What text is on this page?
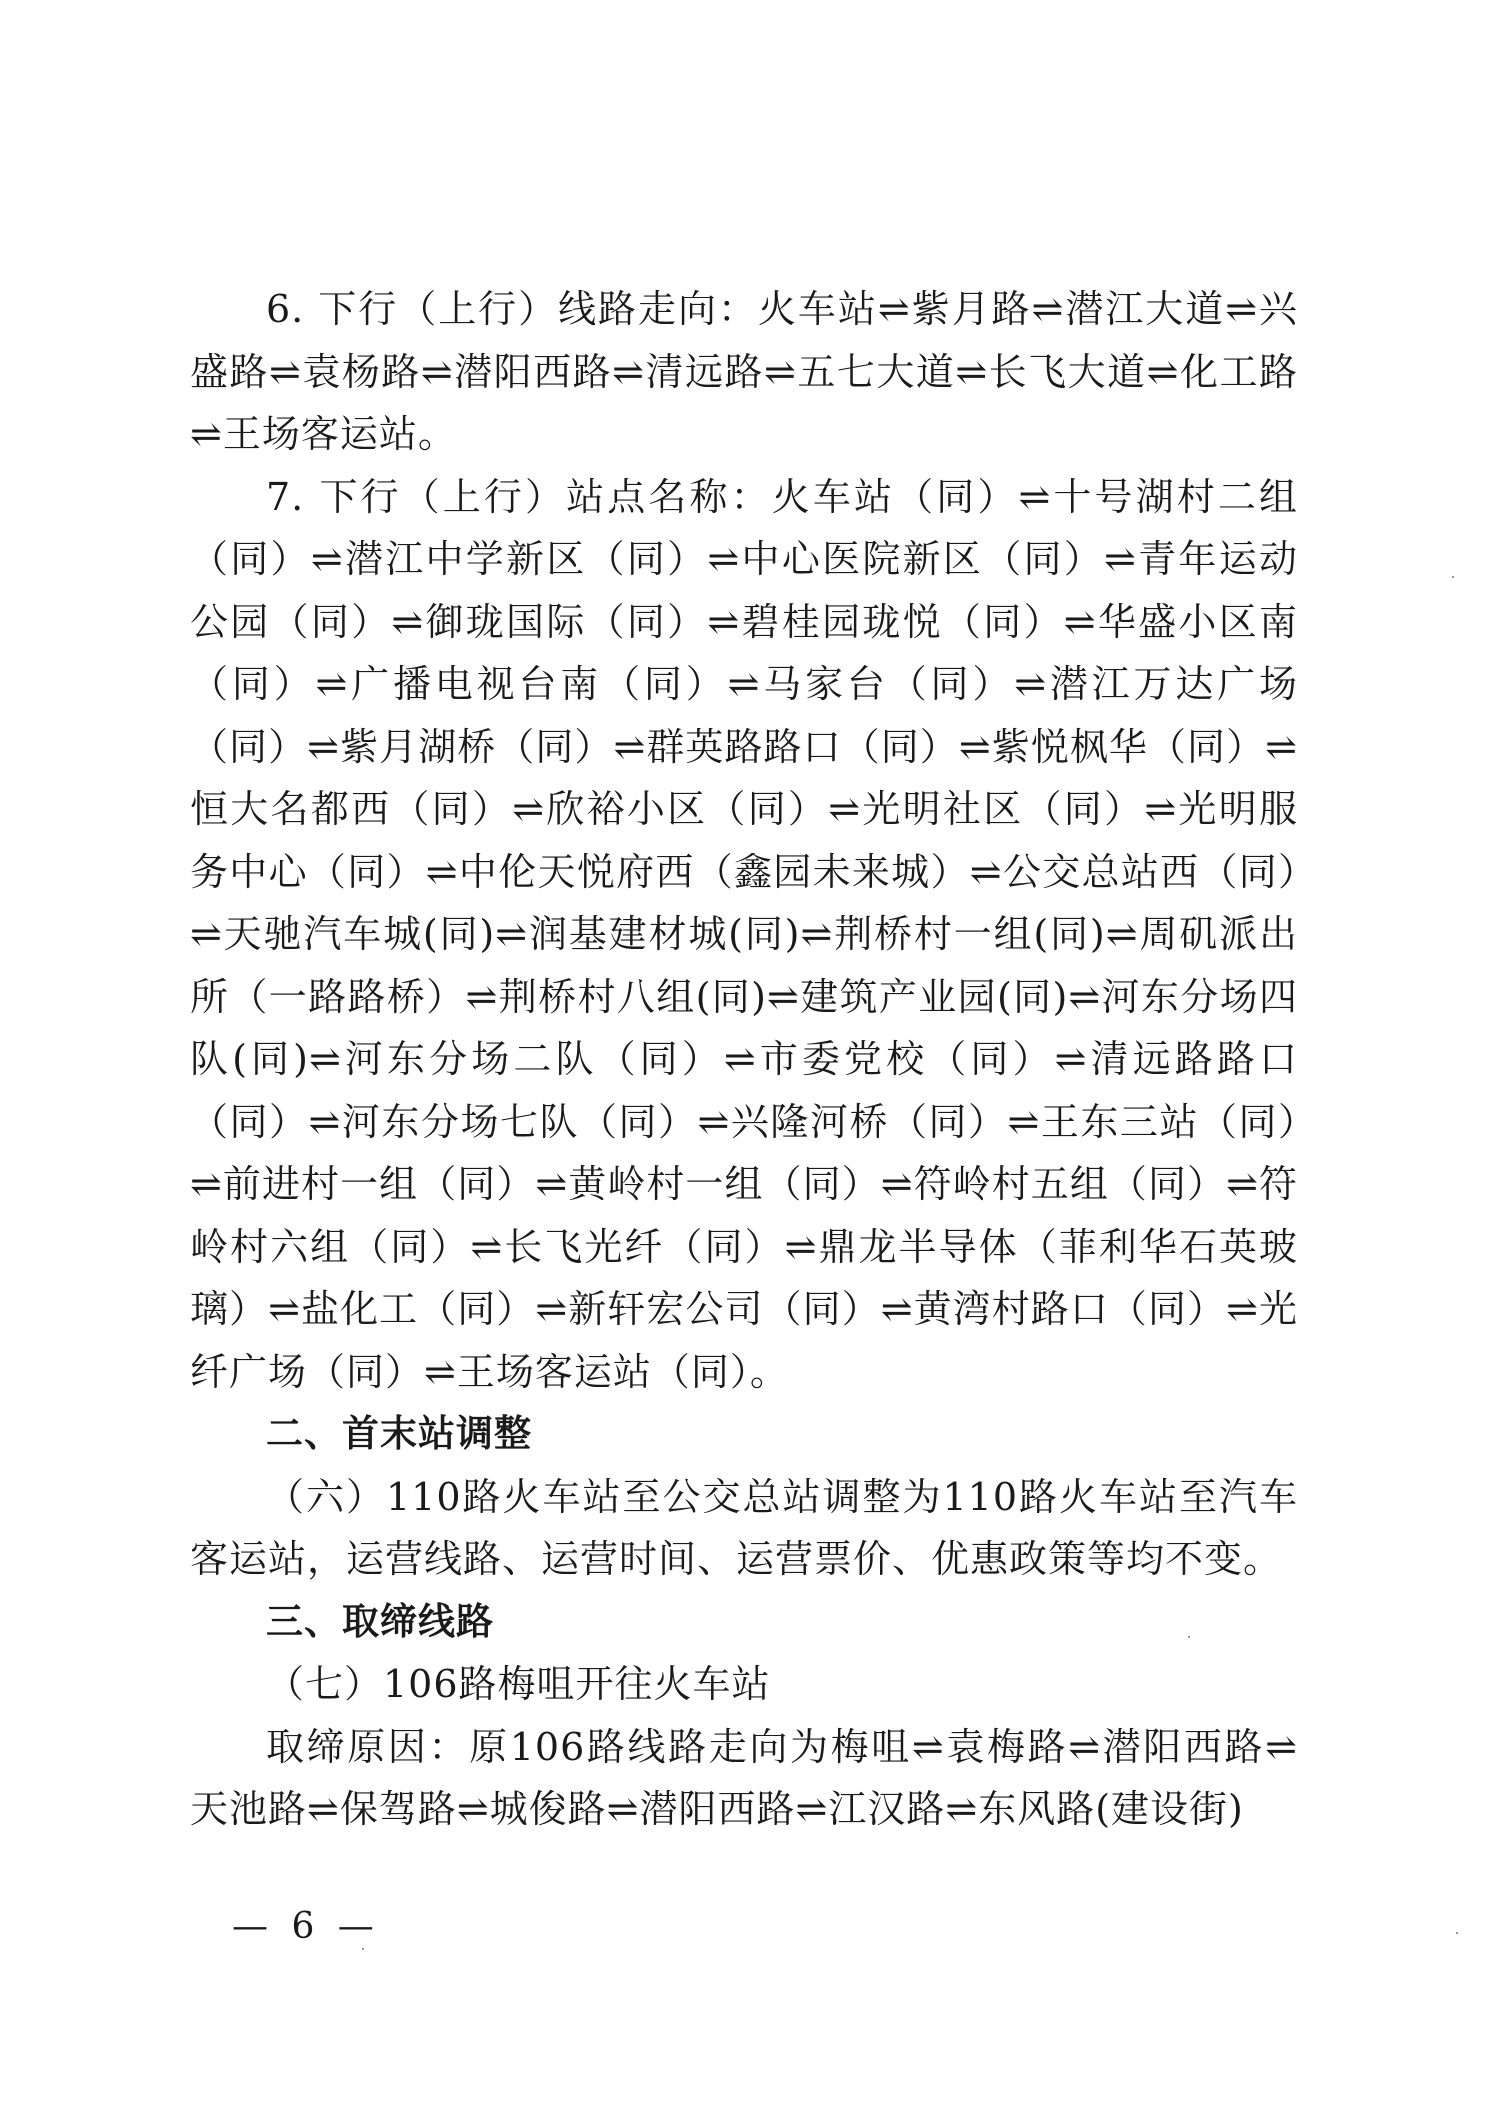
6. 下行（上行）线路走向：火车站⇌紫月路⇌潜江大道⇌兴盛路⇌袁杨路⇌潜阳西路⇌清远路⇌五七大道⇌长飞大道⇌化工路⇌王场客运站。

7. 下行（上行）站点名称：火车站（同）⇌十号湖村二组（同）⇌潜江中学新区（同）⇌中心医院新区（同）⇌青年运动公园（同）⇌御珑国际（同）⇌碧桂园珑悦（同）⇌华盛小区南（同）⇌广播电视台南（同）⇌马家台（同）⇌潜江万达广场（同）⇌紫月湖桥（同）⇌群英路路口（同）⇌紫悦枫华（同）⇌恒大名都西（同）⇌欣裕小区（同）⇌光明社区（同）⇌光明服务中心（同）⇌中伦天悦府西（鑫园未来城）⇌公交总站西（同）⇌天驰汽车城(同)⇌润基建材城(同)⇌荆桥村一组(同)⇌周矶派出所（一路路桥）⇌荆桥村八组(同)⇌建筑产业园(同)⇌河东分场四队(同)⇌河东分场二队（同）⇌市委党校（同）⇌清远路路口（同）⇌河东分场七队（同）⇌兴隆河桥（同）⇌王东三站（同）⇌前进村一组（同）⇌黄岭村一组（同）⇌符岭村五组（同）⇌符岭村六组（同）⇌长飞光纤（同）⇌鼎龙半导体（菲利华石英玻璃）⇌盐化工（同）⇌新轩宏公司（同）⇌黄湾村路口（同）⇌光纤广场（同）⇌王场客运站（同）。

二、首末站调整

（六）110路火车站至公交总站调整为110路火车站至汽车客运站，运营线路、运营时间、运营票价、优惠政策等均不变。

三、取缔线路

（七）106路梅咀开往火车站

取缔原因：原106路线路走向为梅咀⇌袁梅路⇌潜阳西路⇌天池路⇌保驾路⇌城俊路⇌潜阳西路⇌江汉路⇌东风路(建设街)

— 6 —
